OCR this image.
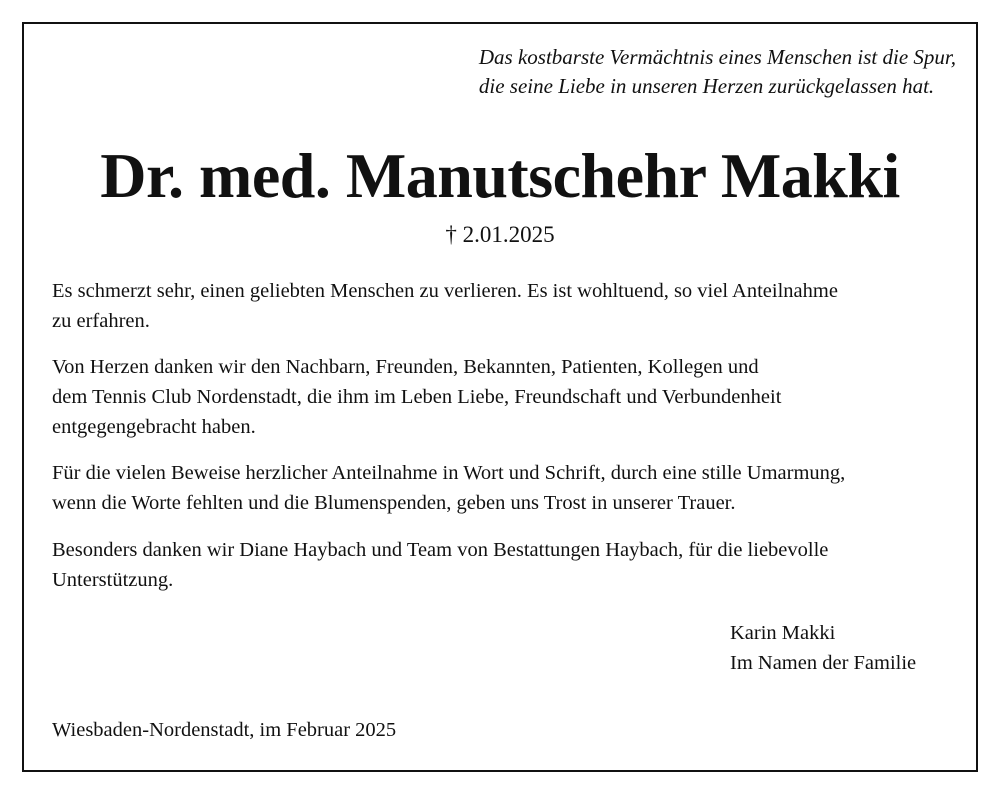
Das kostbarste Vermächtnis eines Menschen ist die Spur,
die seine Liebe in unseren Herzen zurückgelassen hat.
Dr. med. Manutschehr Makki
† 2.01.2025
Es schmerzt sehr, einen geliebten Menschen zu verlieren. Es ist wohltuend, so viel Anteilnahme
zu erfahren.
Von Herzen danken wir den Nachbarn, Freunden, Bekannten, Patienten, Kollegen und
dem Tennis Club Nordenstadt, die ihm im Leben Liebe, Freundschaft und Verbundenheit
entgegengebracht haben.
Für die vielen Beweise herzlicher Anteilnahme in Wort und Schrift, durch eine stille Umarmung,
wenn die Worte fehlten und die Blumenspenden, geben uns Trost in unserer Trauer.
Besonders danken wir Diane Haybach und Team von Bestattungen Haybach, für die liebevolle
Unterstützung.
Karin Makki
Im Namen der Familie
Wiesbaden-Nordenstadt, im Februar 2025
